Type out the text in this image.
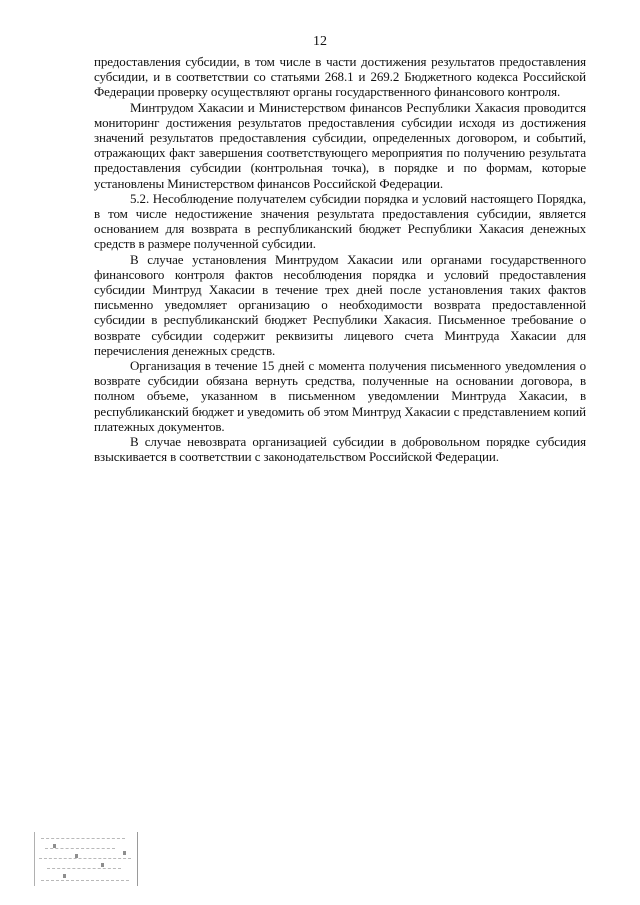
12

предоставления субсидии, в том числе в части достижения результатов предоставления субсидии, и в соответствии со статьями 268.1 и 269.2 Бюджетного кодекса Российской Федерации проверку осуществляют органы государственного финансового контроля.

Минтрудом Хакасии и Министерством финансов Республики Хакасия проводится мониторинг достижения результатов предоставления субсидии исходя из достижения значений результатов предоставления субсидии, определенных договором, и событий, отражающих факт завершения соответствующего мероприятия по получению результата предоставления субсидии (контрольная точка), в порядке и по формам, которые установлены Министерством финансов Российской Федерации.

5.2. Несоблюдение получателем субсидии порядка и условий настоящего Порядка, в том числе недостижение значения результата предоставления субсидии, является основанием для возврата в республиканский бюджет Республики Хакасия денежных средств в размере полученной субсидии.

В случае установления Минтрудом Хакасии или органами государственного финансового контроля фактов несоблюдения порядка и условий предоставления субсидии Минтруд Хакасии в течение трех дней после установления таких фактов письменно уведомляет организацию о необходимости возврата предоставленной субсидии в республиканский бюджет Республики Хакасия. Письменное требование о возврате субсидии содержит реквизиты лицевого счета Минтруда Хакасии для перечисления денежных средств.

Организация в течение 15 дней с момента получения письменного уведомления о возврате субсидии обязана вернуть средства, полученные на основании договора, в полном объеме, указанном в письменном уведомлении Минтруда Хакасии, в республиканский бюджет и уведомить об этом Минтруд Хакасии с представлением копий платежных документов.

В случае невозврата организацией субсидии в добровольном порядке субсидия взыскивается в соответствии с законодательством Российской Федерации.
